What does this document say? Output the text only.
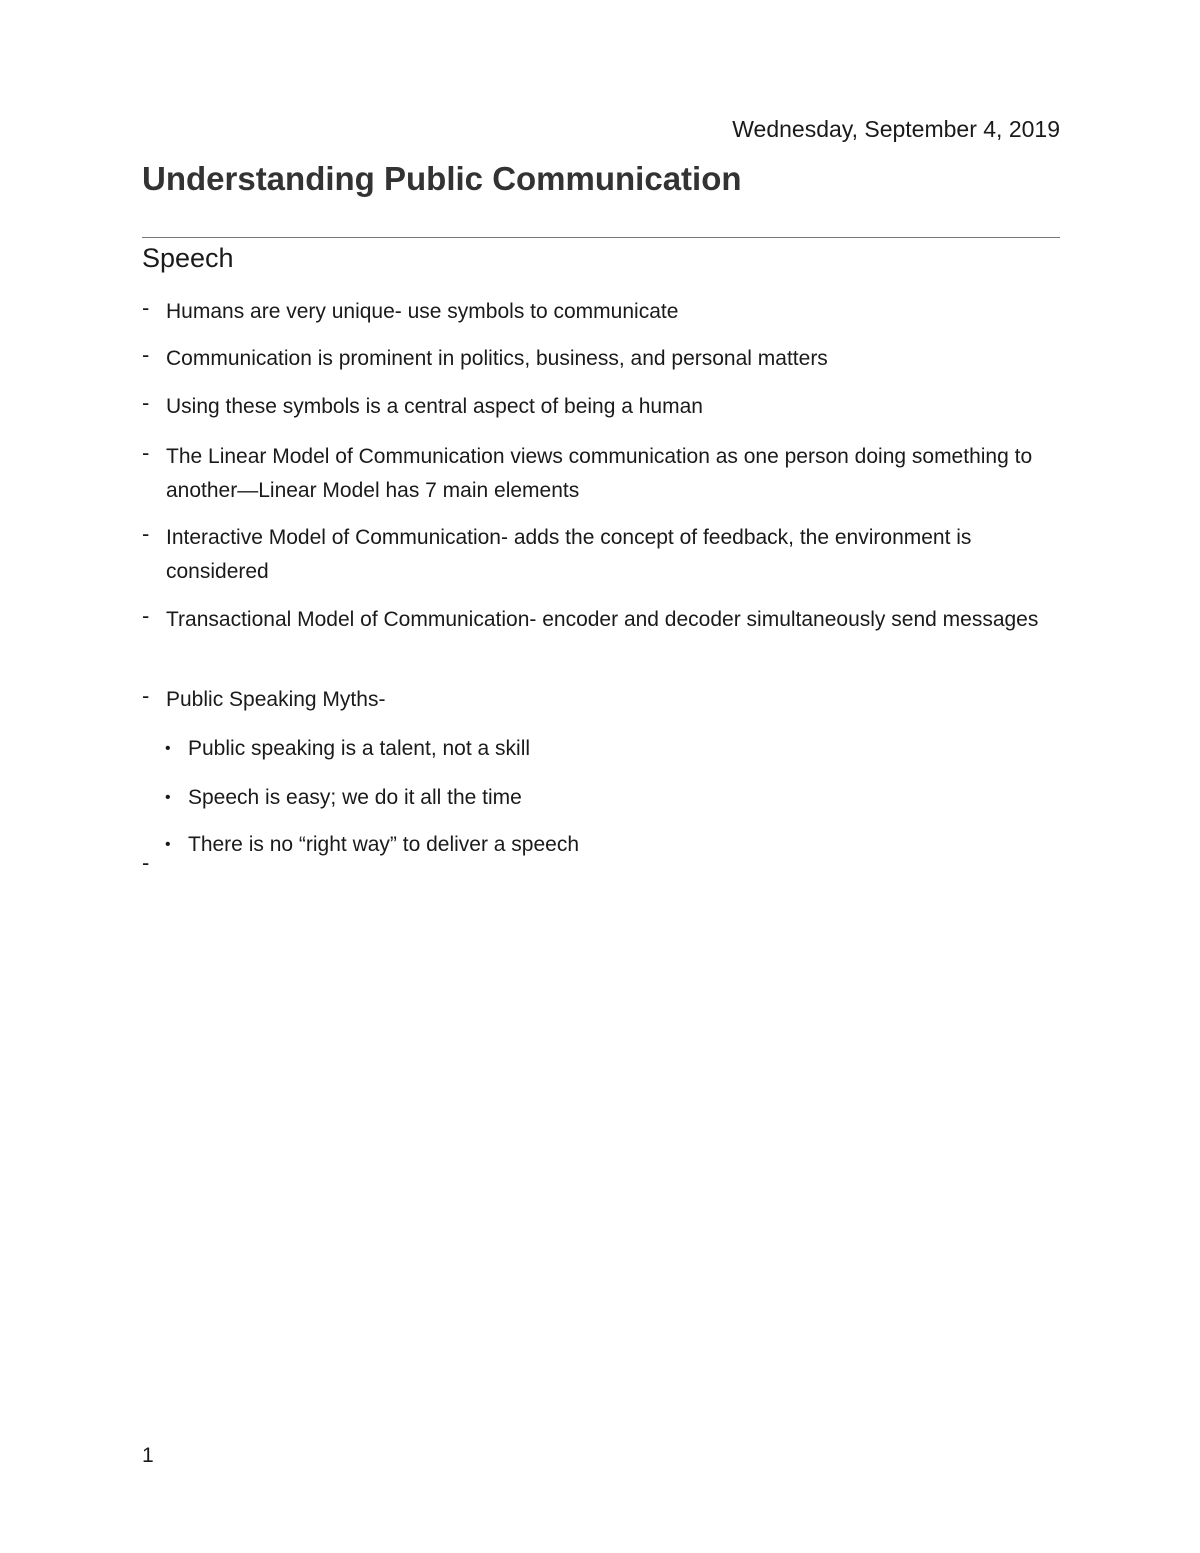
Wednesday, September 4, 2019
Understanding Public Communication
Speech
- Humans are very unique- use symbols to communicate
- Communication is prominent in politics, business, and personal matters
- Using these symbols is a central aspect of being a human
- The Linear Model of Communication views communication as one person doing something to another—Linear Model has 7 main elements
- Interactive Model of Communication- adds the concept of feedback, the environment is considered
- Transactional Model of Communication- encoder and decoder simultaneously send messages
- Public Speaking Myths-
• Public speaking is a talent, not a skill
• Speech is easy; we do it all the time
• There is no “right way” to deliver a speech
-
1
